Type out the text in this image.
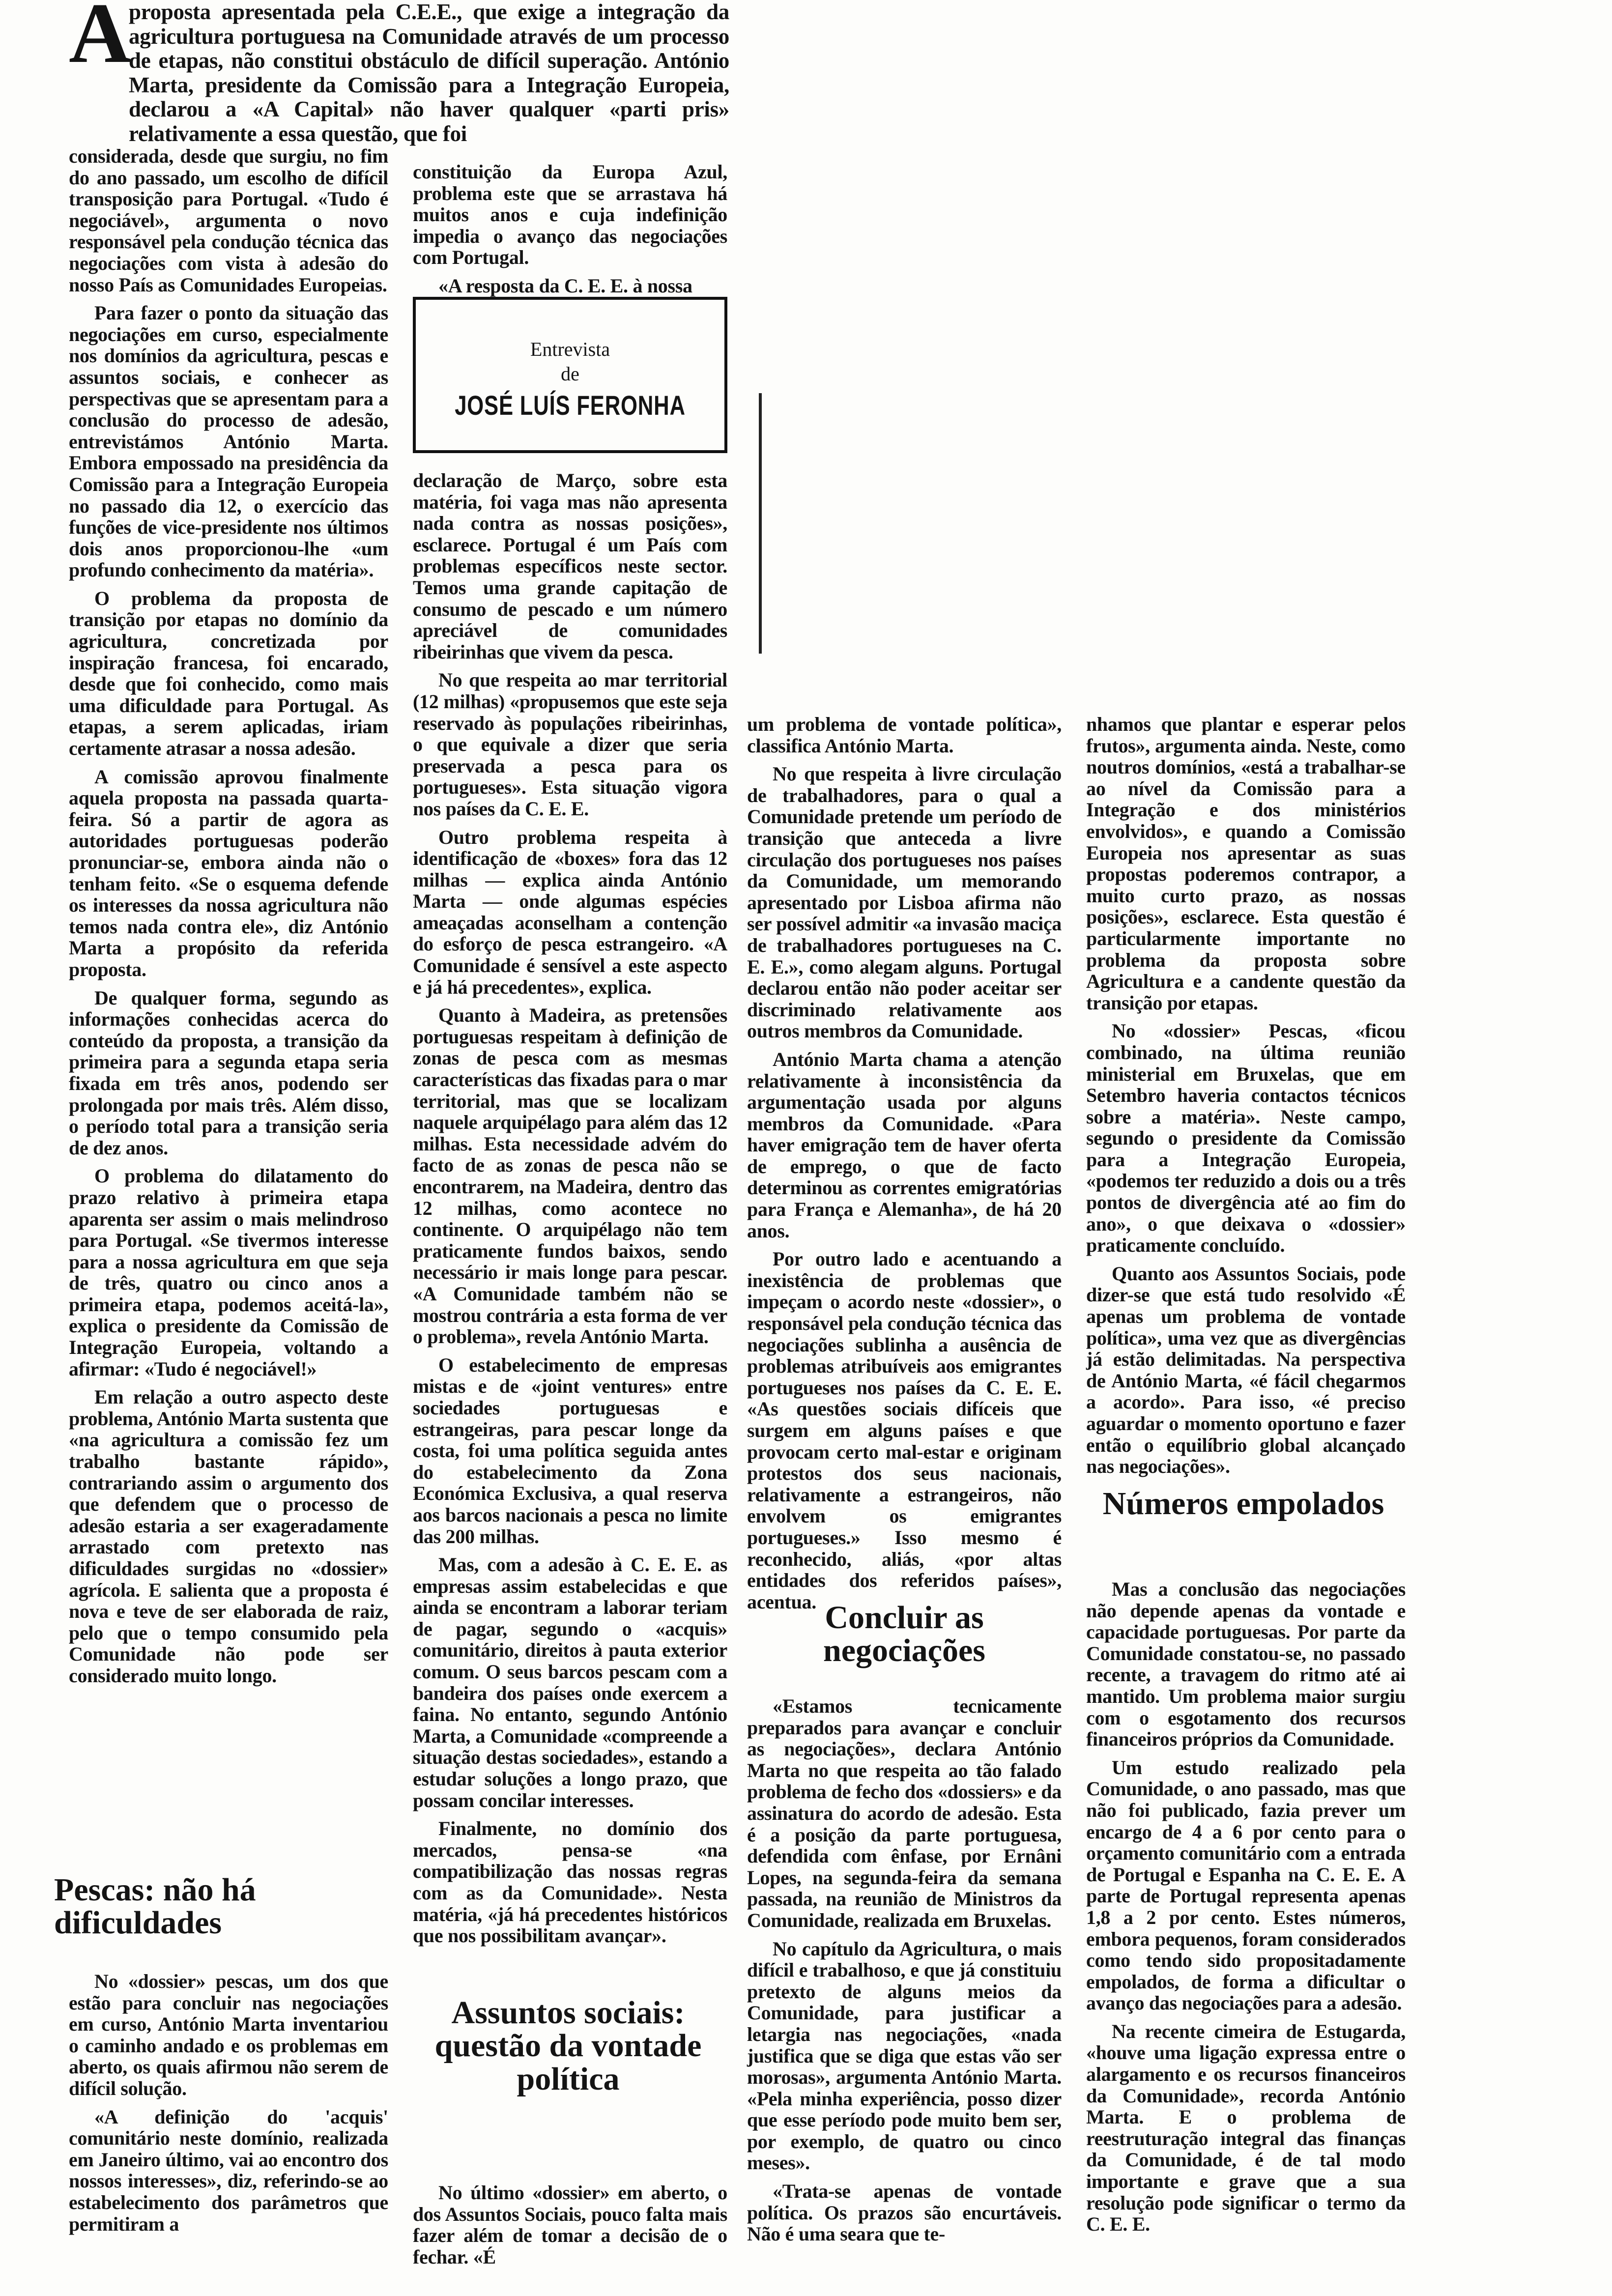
A

proposta apresentada pela C.E.E., que exige a integração da agricultura portuguesa na Comunidade através de um processo de etapas, não constitui obstáculo de difícil superação. António Marta, presidente da Comissão para a Integração Europeia, declarou a «A Capital» não haver qualquer «parti pris» relativamente a essa questão, que foi

considerada, desde que surgiu, no fim do ano passado, um escolho de difícil transposição para Portugal. «Tudo é negociável», argumenta o novo responsável pela condução técnica das negociações com vista à adesão do nosso País as Comunidades Europeias.

Para fazer o ponto da situação das negociações em curso, especialmente nos domínios da agricultura, pescas e assuntos sociais, e conhecer as perspectivas que se apresentam para a conclusão do processo de adesão, entrevistámos António Marta. Embora empossado na presidência da Comissão para a Integração Europeia no passado dia 12, o exercício das funções de vice-presidente nos últimos dois anos proporcionou-lhe «um profundo conhecimento da matéria».

O problema da proposta de transição por etapas no domínio da agricultura, concretizada por inspiração francesa, foi encarado, desde que foi conhecido, como mais uma dificuldade para Portugal. As etapas, a serem aplicadas, iriam certamente atrasar a nossa adesão.

A comissão aprovou finalmente aquela proposta na passada quarta-feira. Só a partir de agora as autoridades portuguesas poderão pronunciar-se, embora ainda não o tenham feito. «Se o esquema defende os interesses da nossa agricultura não temos nada contra ele», diz António Marta a propósito da referida proposta.

De qualquer forma, segundo as informações conhecidas acerca do conteúdo da proposta, a transição da primeira para a segunda etapa seria fixada em três anos, podendo ser prolongada por mais três. Além disso, o período total para a transição seria de dez anos.

O problema do dilatamento do prazo relativo à primeira etapa aparenta ser assim o mais melindroso para Portugal. «Se tivermos interesse para a nossa agricultura em que seja de três, quatro ou cinco anos a primeira etapa, podemos aceitá-la», explica o presidente da Comissão de Integração Europeia, voltando a afirmar: «Tudo é negociável!»

Em relação a outro aspecto deste problema, António Marta sustenta que «na agricultura a comissão fez um trabalho bastante rápido», contrariando assim o argumento dos que defendem que o processo de adesão estaria a ser exageradamente arrastado com pretexto nas dificuldades surgidas no «dossier» agrícola. E salienta que a proposta é nova e teve de ser elaborada de raiz, pelo que o tempo consumido pela Comunidade não pode ser considerado muito longo.

Pescas: não há dificuldades

No «dossier» pescas, um dos que estão para concluir nas negociações em curso, António Marta inventariou o caminho andado e os problemas em aberto, os quais afirmou não serem de difícil solução.

«A definição do 'acquis' comunitário neste domínio, realizada em Janeiro último, vai ao encontro dos nossos interesses», diz, referindo-se ao estabelecimento dos parâmetros que permitiram a

constituição da Europa Azul, problema este que se arrastava há muitos anos e cuja indefinição impedia o avanço das negociações com Portugal.

«A resposta da C. E. E. à nossa

Entrevista
de
JOSÉ LUÍS FERONHA

declaração de Março, sobre esta matéria, foi vaga mas não apresenta nada contra as nossas posições», esclarece. Portugal é um País com problemas específicos neste sector. Temos uma grande capitação de consumo de pescado e um número apreciável de comunidades ribeirinhas que vivem da pesca.

No que respeita ao mar territorial (12 milhas) «propusemos que este seja reservado às populações ribeirinhas, o que equivale a dizer que seria preservada a pesca para os portugueses». Esta situação vigora nos países da C. E. E.

Outro problema respeita à identificação de «boxes» fora das 12 milhas — explica ainda António Marta — onde algumas espécies ameaçadas aconselham a contenção do esforço de pesca estrangeiro. «A Comunidade é sensível a este aspecto e já há precedentes», explica.

Quanto à Madeira, as pretensões portuguesas respeitam à definição de zonas de pesca com as mesmas características das fixadas para o mar territorial, mas que se localizam naquele arquipélago para além das 12 milhas. Esta necessidade advém do facto de as zonas de pesca não se encontrarem, na Madeira, dentro das 12 milhas, como acontece no continente. O arquipélago não tem praticamente fundos baixos, sendo necessário ir mais longe para pescar. «A Comunidade também não se mostrou contrária a esta forma de ver o problema», revela António Marta.

O estabelecimento de empresas mistas e de «joint ventures» entre sociedades portuguesas e estrangeiras, para pescar longe da costa, foi uma política seguida antes do estabelecimento da Zona Económica Exclusiva, a qual reserva aos barcos nacionais a pesca no limite das 200 milhas.

Mas, com a adesão à C. E. E. as empresas assim estabelecidas e que ainda se encontram a laborar teriam de pagar, segundo o «acquis» comunitário, direitos à pauta exterior comum. O seus barcos pescam com a bandeira dos países onde exercem a faina. No entanto, segundo António Marta, a Comunidade «compreende a situação destas sociedades», estando a estudar soluções a longo prazo, que possam concilar interesses.

Finalmente, no domínio dos mercados, pensa-se «na compatibilização das nossas regras com as da Comunidade». Nesta matéria, «já há precedentes históricos que nos possibilitam avançar».

Assuntos sociais: questão da vontade política

No último «dossier» em aberto, o dos Assuntos Sociais, pouco falta mais fazer além de tomar a decisão de o fechar. «É

um problema de vontade política», classifica António Marta.

No que respeita à livre circulação de trabalhadores, para o qual a Comunidade pretende um período de transição que anteceda a livre circulação dos portugueses nos países da Comunidade, um memorando apresentado por Lisboa afirma não ser possível admitir «a invasão maciça de trabalhadores portugueses na C. E. E.», como alegam alguns. Portugal declarou então não poder aceitar ser discriminado relativamente aos outros membros da Comunidade.

António Marta chama a atenção relativamente à inconsistência da argumentação usada por alguns membros da Comunidade. «Para haver emigração tem de haver oferta de emprego, o que de facto determinou as correntes emigratórias para França e Alemanha», de há 20 anos.

Por outro lado e acentuando a inexistência de problemas que impeçam o acordo neste «dossier», o responsável pela condução técnica das negociações sublinha a ausência de problemas atribuíveis aos emigrantes portugueses nos países da C. E. E. «As questões sociais difíceis que surgem em alguns países e que provocam certo mal-estar e originam protestos dos seus nacionais, relativamente a estrangeiros, não envolvem os emigrantes portugueses.» Isso mesmo é reconhecido, aliás, «por altas entidades dos referidos países», acentua. Concluir as negociações

«Estamos tecnicamente preparados para avançar e concluir as negociações», declara António Marta no que respeita ao tão falado problema de fecho dos «dossiers» e da assinatura do acordo de adesão. Esta é a posição da parte portuguesa, defendida com ênfase, por Ernâni Lopes, na segunda-feira da semana passada, na reunião de Ministros da Comunidade, realizada em Bruxelas.

No capítulo da Agricultura, o mais difícil e trabalhoso, e que já constituiu pretexto de alguns meios da Comunidade, para justificar a letargia nas negociações, «nada justifica que se diga que estas vão ser morosas», argumenta António Marta. «Pela minha experiência, posso dizer que esse período pode muito bem ser, por exemplo, de quatro ou cinco meses».

«Trata-se apenas de vontade política. Os prazos são encurtáveis. Não é uma seara que te-

nhamos que plantar e esperar pelos frutos», argumenta ainda. Neste, como noutros domínios, «está a trabalhar-se ao nível da Comissão para a Integração e dos ministérios envolvidos», e quando a Comissão Europeia nos apresentar as suas propostas poderemos contrapor, a muito curto prazo, as nossas posições», esclarece. Esta questão é particularmente importante no problema da proposta sobre Agricultura e a candente questão da transição por etapas.

No «dossier» Pescas, «ficou combinado, na última reunião ministerial em Bruxelas, que em Setembro haveria contactos técnicos sobre a matéria». Neste campo, segundo o presidente da Comissão para a Integração Europeia, «podemos ter reduzido a dois ou a três pontos de divergência até ao fim do ano», o que deixava o «dossier» praticamente concluído.

Quanto aos Assuntos Sociais, pode dizer-se que está tudo resolvido «É apenas um problema de vontade política», uma vez que as divergências já estão delimitadas. Na perspectiva de António Marta, «é fácil chegarmos a acordo». Para isso, «é preciso aguardar o momento oportuno e fazer então o equilíbrio global alcançado nas negociações».

Números empolados

Mas a conclusão das negociações não depende apenas da vontade e capacidade portuguesas. Por parte da Comunidade constatou-se, no passado recente, a travagem do ritmo até ai mantido. Um problema maior surgiu com o esgotamento dos recursos financeiros próprios da Comunidade.

Um estudo realizado pela Comunidade, o ano passado, mas que não foi publicado, fazia prever um encargo de 4 a 6 por cento para o orçamento comunitário com a entrada de Portugal e Espanha na C. E. E. A parte de Portugal representa apenas 1,8 a 2 por cento. Estes números, embora pequenos, foram considerados como tendo sido propositadamente empolados, de forma a dificultar o avanço das negociações para a adesão.

Na recente cimeira de Estugarda, «houve uma ligação expressa entre o alargamento e os recursos financeiros da Comunidade», recorda António Marta. E o problema de reestruturação integral das finanças da Comunidade, é de tal modo importante e grave que a sua resolução pode significar o termo da C. E. E.
